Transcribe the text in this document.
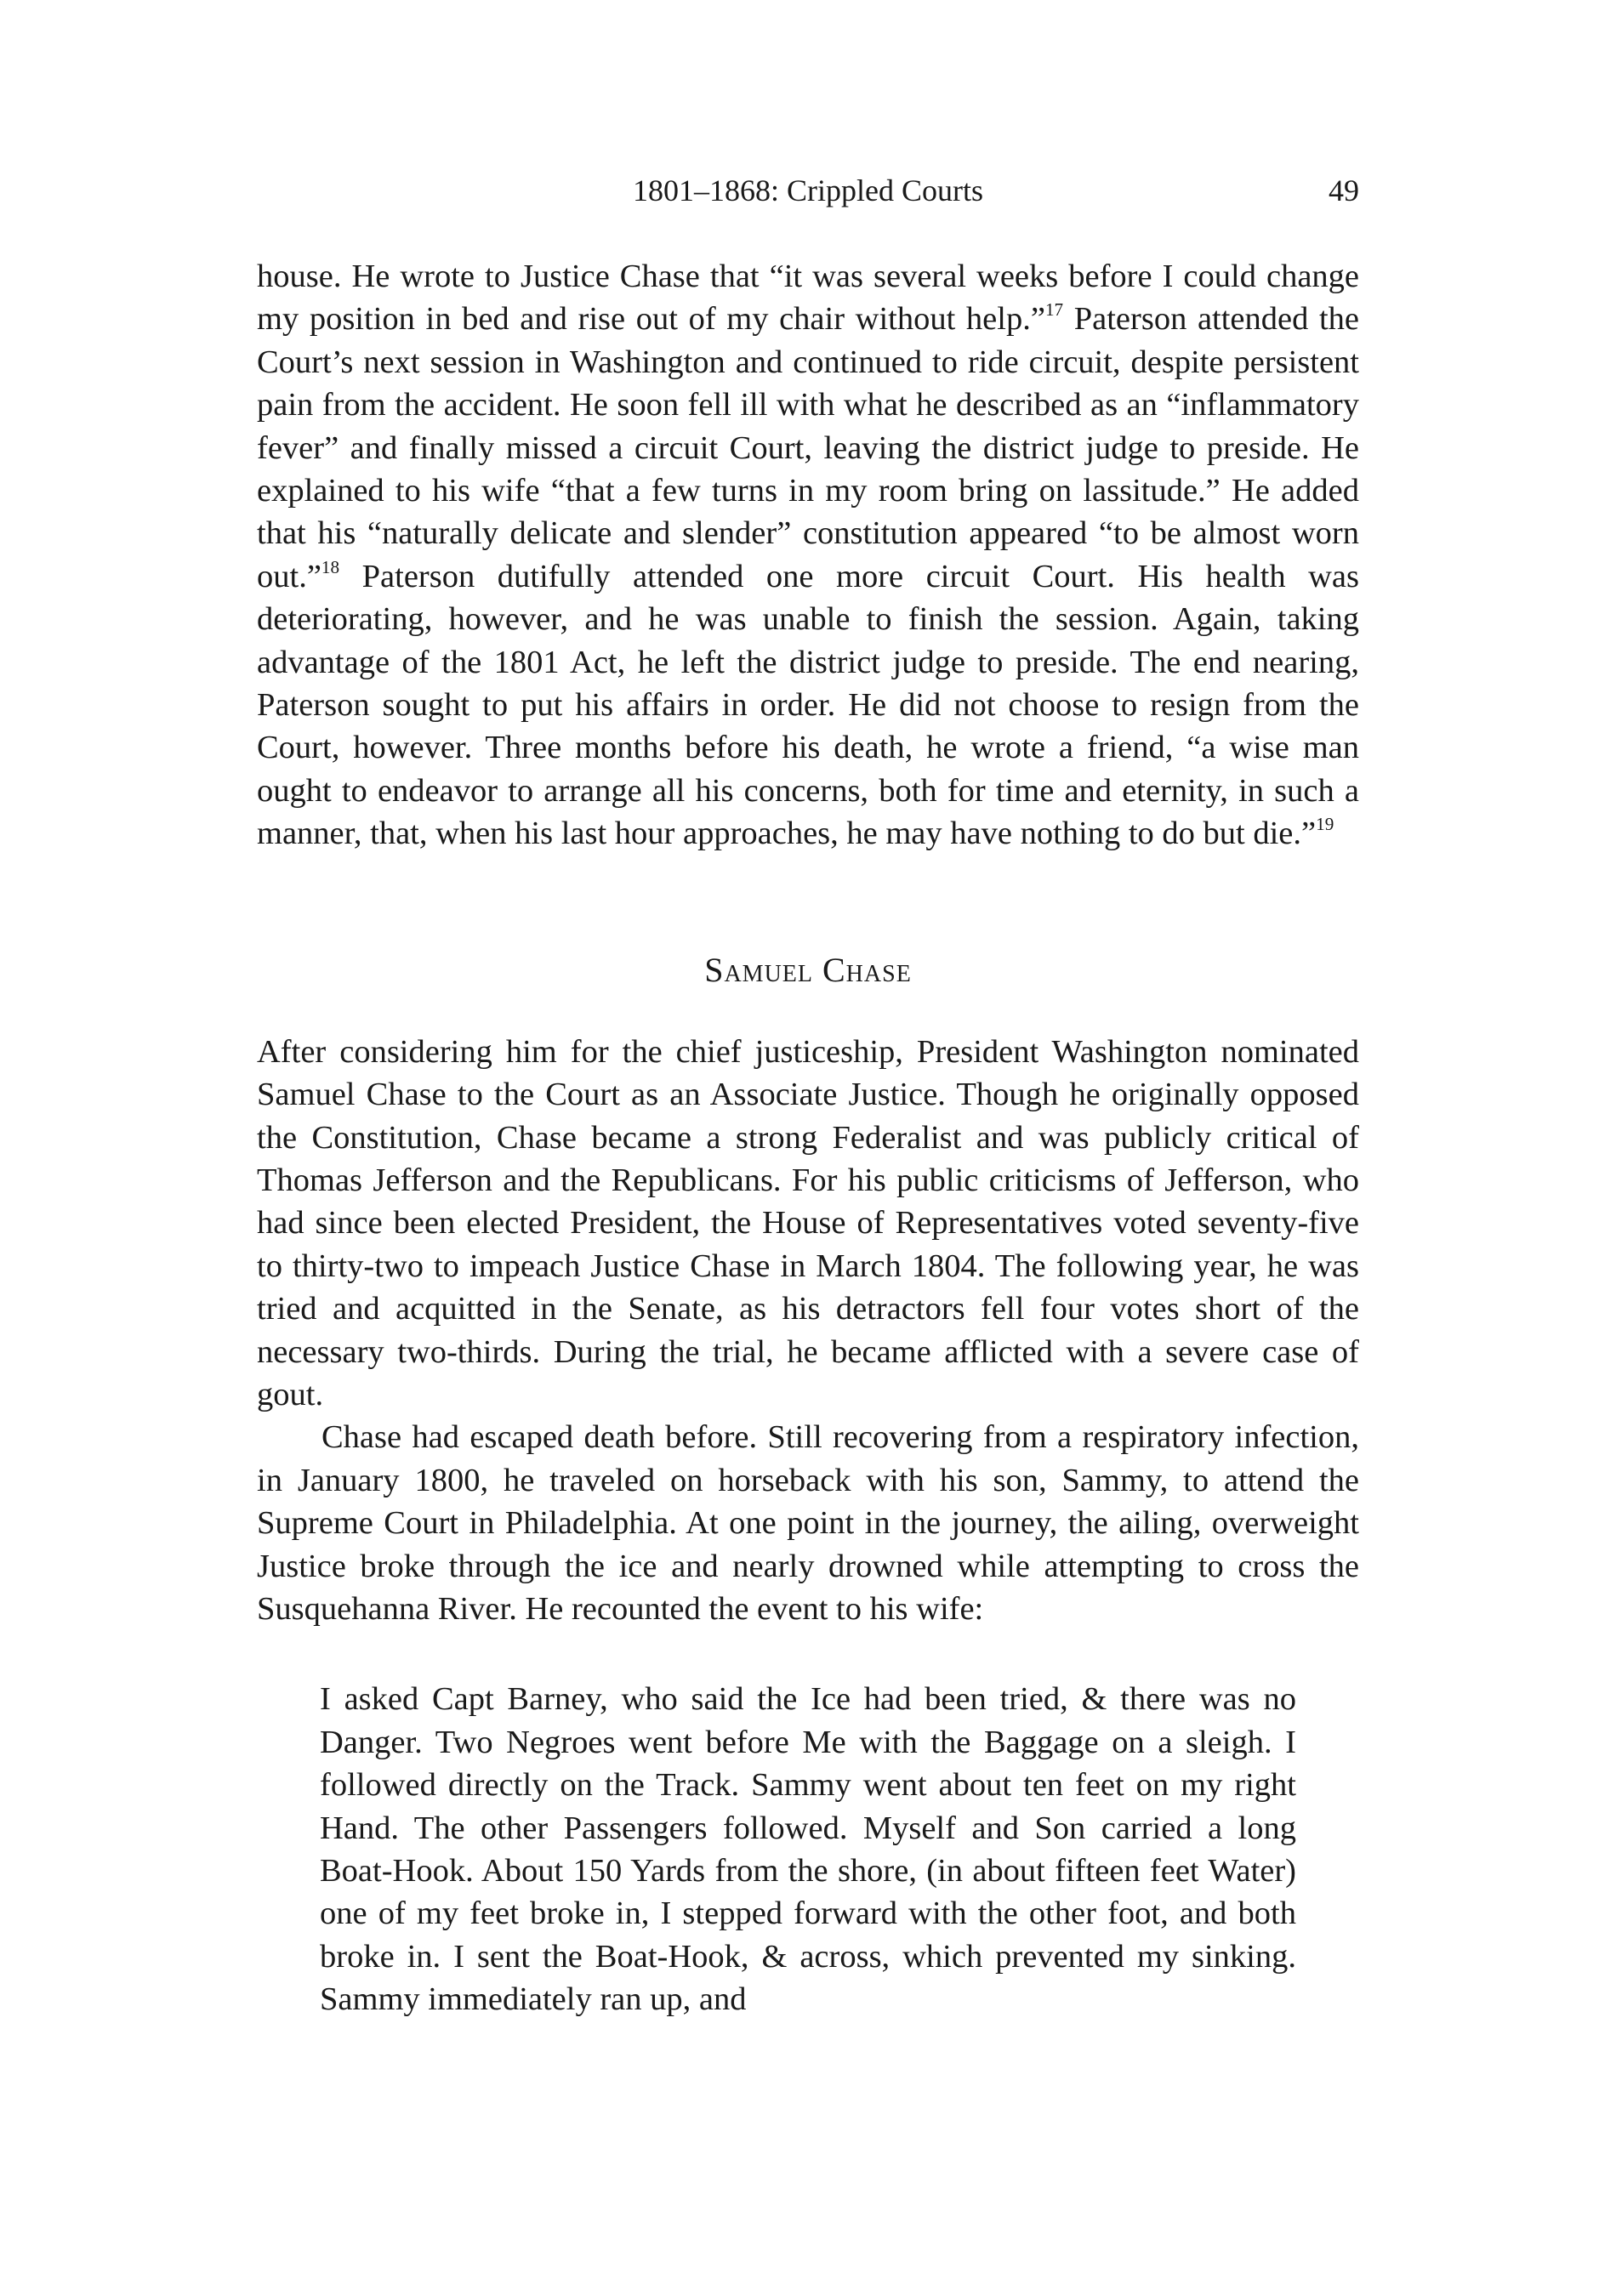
1801–1868: Crippled Courts	49

house. He wrote to Justice Chase that “it was several weeks before I could change my position in bed and rise out of my chair without help.”$^{17}$ Paterson attended the Court’s next session in Washington and continued to ride circuit, despite persistent pain from the accident. He soon fell ill with what he described as an “inflammatory fever” and finally missed a circuit Court, leaving the district judge to preside. He explained to his wife “that a few turns in my room bring on lassitude.” He added that his “naturally delicate and slender” constitution appeared “to be almost worn out.”$^{18}$ Paterson dutifully attended one more circuit Court. His health was deteriorating, however, and he was unable to finish the session. Again, taking advantage of the 1801 Act, he left the district judge to preside. The end nearing, Paterson sought to put his affairs in order. He did not choose to resign from the Court, however. Three months before his death, he wrote a friend, “a wise man ought to endeavor to arrange all his concerns, both for time and eternity, in such a manner, that, when his last hour approaches, he may have nothing to do but die.”$^{19}$

Samuel Chase

After considering him for the chief justiceship, President Washington nominated Samuel Chase to the Court as an Associate Justice. Though he originally opposed the Constitution, Chase became a strong Federalist and was publicly critical of Thomas Jefferson and the Republicans. For his public criticisms of Jefferson, who had since been elected President, the House of Representatives voted seventy-five to thirty-two to impeach Justice Chase in March 1804. The following year, he was tried and acquitted in the Senate, as his detractors fell four votes short of the necessary two-thirds. During the trial, he became afflicted with a severe case of gout.

Chase had escaped death before. Still recovering from a respiratory infection, in January 1800, he traveled on horseback with his son, Sammy, to attend the Supreme Court in Philadelphia. At one point in the journey, the ailing, overweight Justice broke through the ice and nearly drowned while attempting to cross the Susquehanna River. He recounted the event to his wife:

I asked Capt Barney, who said the Ice had been tried, & there was no Danger. Two Negroes went before Me with the Baggage on a sleigh. I followed directly on the Track. Sammy went about ten feet on my right Hand. The other Passengers followed. Myself and Son carried a long Boat-Hook. About 150 Yards from the shore, (in about fifteen feet Water) one of my feet broke in, I stepped forward with the other foot, and both broke in. I sent the Boat-Hook, & across, which prevented my sinking. Sammy immediately ran up, and
